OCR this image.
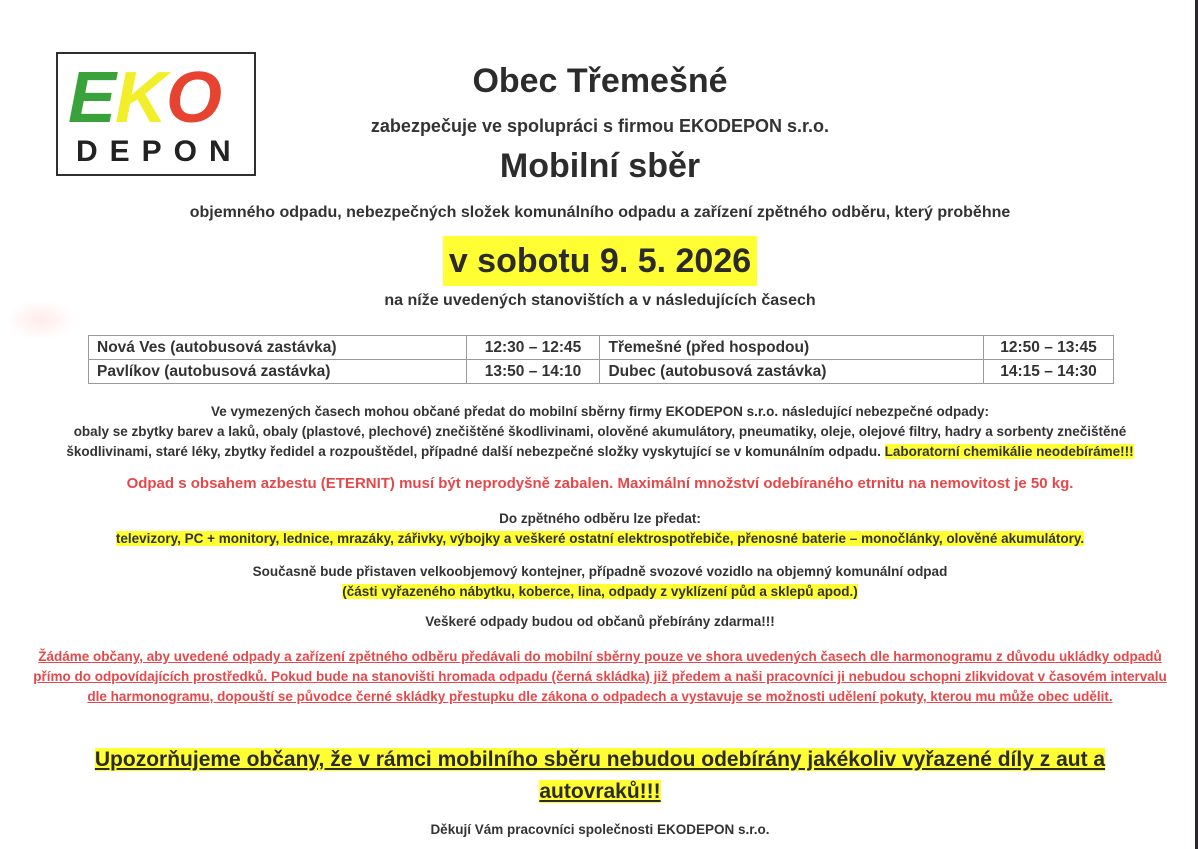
EKO
DEPON
Obec Třemešné
zabezpečuje ve spolupráci s firmou EKODEPON s.r.o.
Mobilní sběr
objemného odpadu, nebezpečných složek komunálního odpadu a zařízení zpětného odběru, který proběhne
v sobotu 9. 5. 2026
na níže uvedených stanovištích a v následujících časech
Nová Ves (autobusová zastávka)	12:30 – 12:45	Třemešné (před hospodou)	12:50 – 13:45
Pavlíkov (autobusová zastávka)	13:50 – 14:10	Dubec (autobusová zastávka)	14:15 – 14:30
Ve vymezených časech mohou občané předat do mobilní sběrny firmy EKODEPON s.r.o. následující nebezpečné odpady:
obaly se zbytky barev a laků, obaly (plastové, plechové) znečištěné škodlivinami, olověné akumulátory, pneumatiky, oleje, olejové filtry, hadry a sorbenty znečištěné škodlivinami, staré léky, zbytky ředidel a rozpouštědel, případné další nebezpečné složky vyskytující se v komunálním odpadu. Laboratorní chemikálie neodebíráme!!!
Odpad s obsahem azbestu (ETERNIT) musí být neprodyšně zabalen. Maximální množství odebíraného etrnitu na nemovitost je 50 kg.
Do zpětného odběru lze předat:
televizory, PC + monitory, lednice, mrazáky, zářivky, výbojky a veškeré ostatní elektrospotřebiče, přenosné baterie – monočlánky, olověné akumulátory.
Současně bude přistaven velkoobjemový kontejner, případně svozové vozidlo na objemný komunální odpad
(části vyřazeného nábytku, koberce, lina, odpady z vyklízení půd a sklepů apod.)
Veškeré odpady budou od občanů přebírány zdarma!!!
Žádáme občany, aby uvedené odpady a zařízení zpětného odběru předávali do mobilní sběrny pouze ve shora uvedených časech dle harmonogramu z důvodu ukládky odpadů přímo do odpovídajících prostředků. Pokud bude na stanovišti hromada odpadu (černá skládka) již předem a naši pracovníci ji nebudou schopni zlikvidovat v časovém intervalu dle harmonogramu, dopouští se původce černé skládky přestupku dle zákona o odpadech a vystavuje se možnosti udělení pokuty, kterou mu může obec udělit.
Upozorňujeme občany, že v rámci mobilního sběru nebudou odebírány jakékoliv vyřazené díly z aut a autovraků!!!
Děkují Vám pracovníci společnosti EKODEPON s.r.o.
